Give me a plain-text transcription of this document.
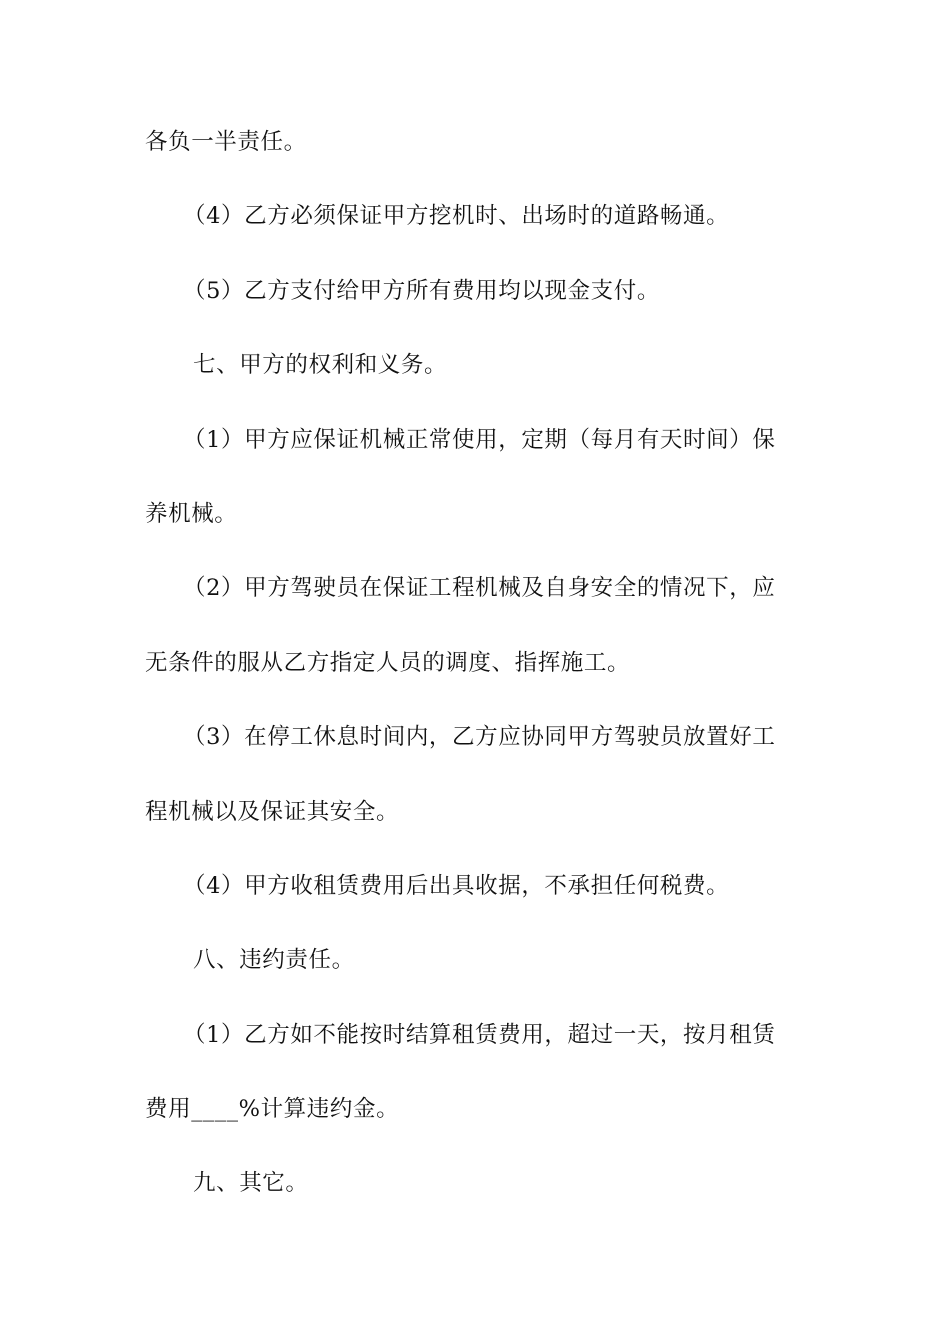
各负一半责任。
（4）乙方必须保证甲方挖机时、出场时的道路畅通。
（5）乙方支付给甲方所有费用均以现金支付。
七、甲方的权利和义务。
（1）甲方应保证机械正常使用，定期（每月有天时间）保
养机械。
（2）甲方驾驶员在保证工程机械及自身安全的情况下，应
无条件的服从乙方指定人员的调度、指挥施工。
（3）在停工休息时间内，乙方应协同甲方驾驶员放置好工
程机械以及保证其安全。
（4）甲方收租赁费用后出具收据，不承担任何税费。
八、违约责任。
（1）乙方如不能按时结算租赁费用，超过一天，按月租赁
费用____%计算违约金。
九、其它。
